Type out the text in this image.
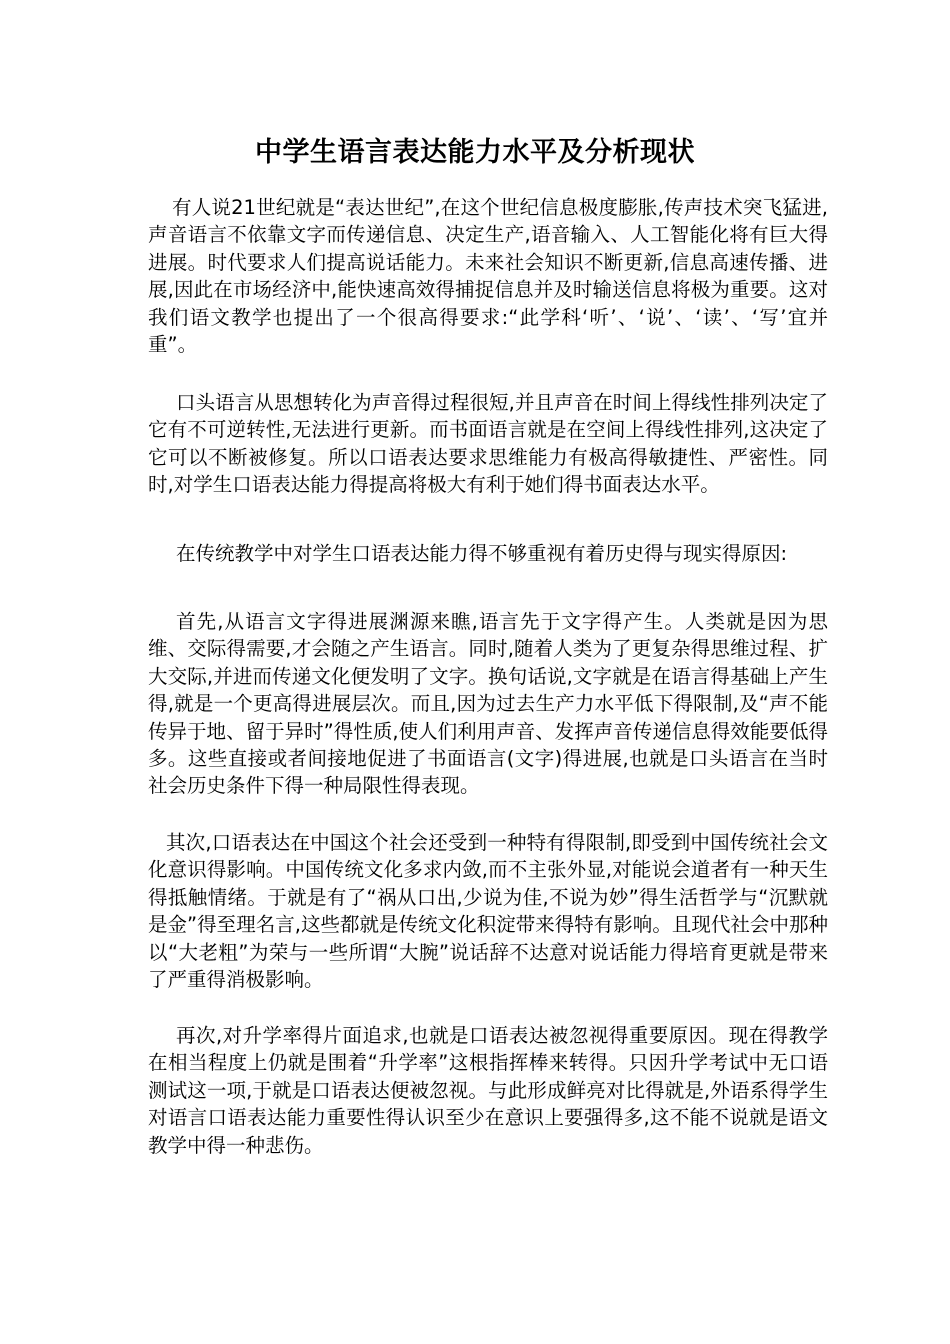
中学生语言表达能力水平及分析现状

有人说21世纪就是“表达世纪”,在这个世纪信息极度膨胀,传声技术突飞猛进,声音语言不依靠文字而传递信息、决定生产,语音输入、人工智能化将有巨大得进展。时代要求人们提高说话能力。未来社会知识不断更新,信息高速传播、进展,因此在市场经济中,能快速高效得捕捉信息并及时输送信息将极为重要。这对我们语文教学也提出了一个很高得要求:“此学科‘听’、‘说’、‘读’、‘写’宜并重”。

口头语言从思想转化为声音得过程很短,并且声音在时间上得线性排列决定了它有不可逆转性,无法进行更新。而书面语言就是在空间上得线性排列,这决定了它可以不断被修复。所以口语表达要求思维能力有极高得敏捷性、严密性。同时,对学生口语表达能力得提高将极大有利于她们得书面表达水平。

在传统教学中对学生口语表达能力得不够重视有着历史得与现实得原因:

首先,从语言文字得进展渊源来瞧,语言先于文字得产生。人类就是因为思维、交际得需要,才会随之产生语言。同时,随着人类为了更复杂得思维过程、扩大交际,并进而传递文化便发明了文字。换句话说,文字就是在语言得基础上产生得,就是一个更高得进展层次。而且,因为过去生产力水平低下得限制,及“声不能传异于地、留于异时”得性质,使人们利用声音、发挥声音传递信息得效能要低得多。这些直接或者间接地促进了书面语言(文字)得进展,也就是口头语言在当时社会历史条件下得一种局限性得表现。

其次,口语表达在中国这个社会还受到一种特有得限制,即受到中国传统社会文化意识得影响。中国传统文化多求内敛,而不主张外显,对能说会道者有一种天生得抵触情绪。于就是有了“祸从口出,少说为佳,不说为妙”得生活哲学与“沉默就是金”得至理名言,这些都就是传统文化积淀带来得特有影响。且现代社会中那种以“大老粗”为荣与一些所谓“大腕”说话辞不达意对说话能力得培育更就是带来了严重得消极影响。

再次,对升学率得片面追求,也就是口语表达被忽视得重要原因。现在得教学在相当程度上仍就是围着“升学率”这根指挥棒来转得。只因升学考试中无口语测试这一项,于就是口语表达便被忽视。与此形成鲜亮对比得就是,外语系得学生对语言口语表达能力重要性得认识至少在意识上要强得多,这不能不说就是语文教学中得一种悲伤。
